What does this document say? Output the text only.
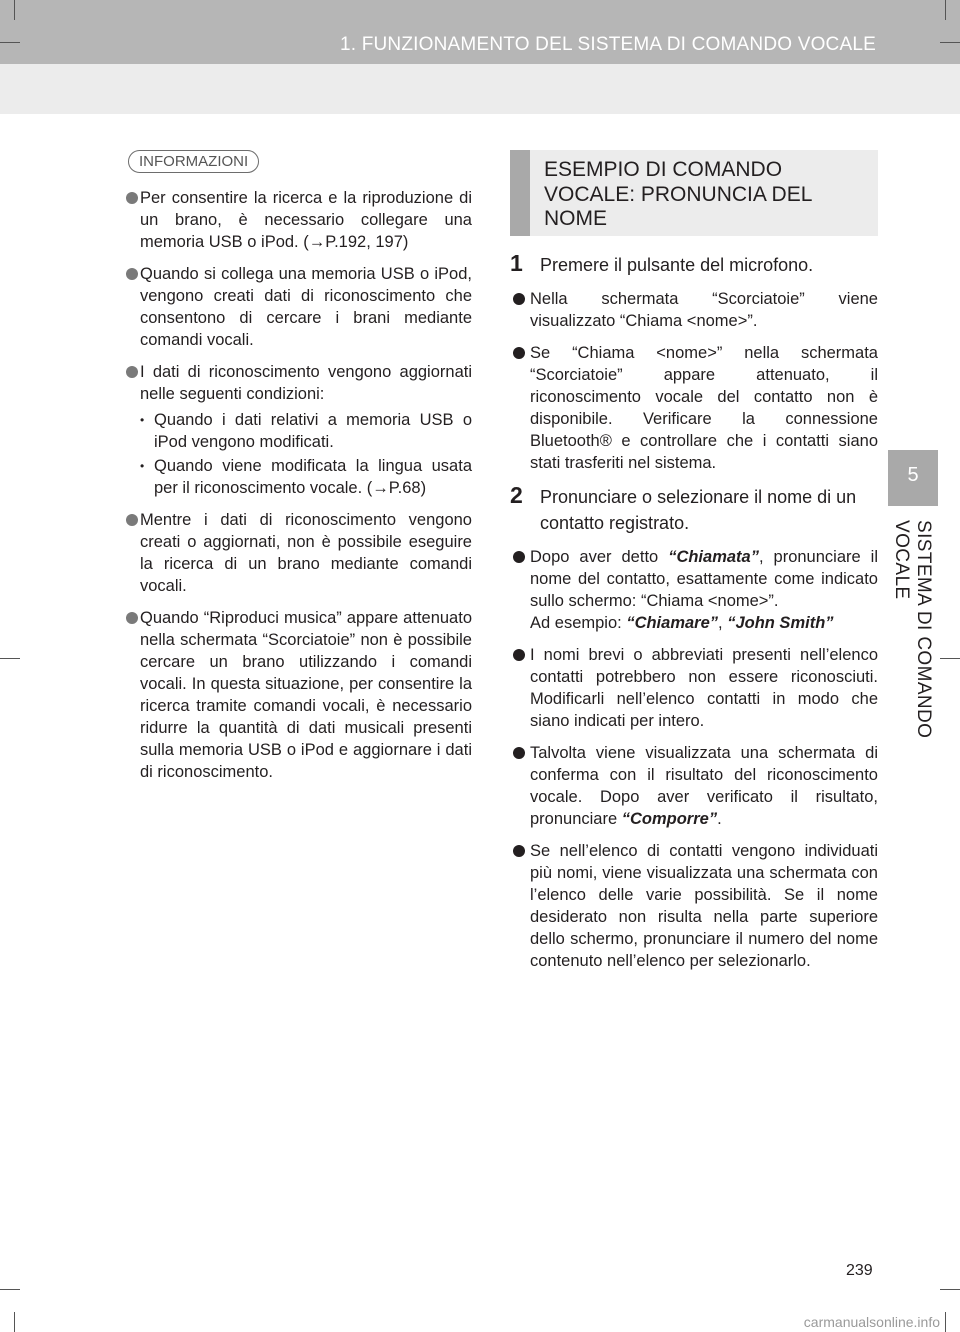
1. FUNZIONAMENTO DEL SISTEMA DI COMANDO VOCALE
5
SISTEMA DI COMANDO VOCALE
INFORMAZIONI
Per consentire la ricerca e la riproduzione di un brano, è necessario collegare una memoria USB o iPod. (→P.192, 197)
Quando si collega una memoria USB o iPod, vengono creati dati di riconoscimento che consentono di cercare i brani mediante comandi vocali.
I dati di riconoscimento vengono aggiornati nelle seguenti condizioni:
• Quando i dati relativi a memoria USB o iPod vengono modificati.
• Quando viene modificata la lingua usata per il riconoscimento vocale. (→P.68)
Mentre i dati di riconoscimento vengono creati o aggiornati, non è possibile eseguire la ricerca di un brano mediante comandi vocali.
Quando “Riproduci musica” appare attenuato nella schermata “Scorciatoie” non è possibile cercare un brano utilizzando i comandi vocali. In questa situazione, per consentire la ricerca tramite comandi vocali, è necessario ridurre la quantità di dati musicali presenti sulla memoria USB o iPod e aggiornare i dati di riconoscimento.
ESEMPIO DI COMANDO VOCALE: PRONUNCIA DEL NOME
1 Premere il pulsante del microfono.
Nella schermata “Scorciatoie” viene visualizzato “Chiama <nome>”.
Se “Chiama <nome>” nella schermata “Scorciatoie” appare attenuato, il riconoscimento vocale del contatto non è disponibile. Verificare la connessione Bluetooth® e controllare che i contatti siano stati trasferiti nel sistema.
2 Pronunciare o selezionare il nome di un contatto registrato.
Dopo aver detto “Chiamata”, pronunciare il nome del contatto, esattamente come indicato sullo schermo: “Chiama <nome>”.
Ad esempio: “Chiamare”, “John Smith”
I nomi brevi o abbreviati presenti nell’elenco contatti potrebbero non essere riconosciuti. Modificarli nell’elenco contatti in modo che siano indicati per intero.
Talvolta viene visualizzata una schermata di conferma con il risultato del riconoscimento vocale. Dopo aver verificato il risultato, pronunciare “Comporre”.
Se nell’elenco di contatti vengono individuati più nomi, viene visualizzata una schermata con l’elenco delle varie possibilità. Se il nome desiderato non risulta nella parte superiore dello schermo, pronunciare il numero del nome contenuto nell’elenco per selezionarlo.
239
carmanualsonline.info
